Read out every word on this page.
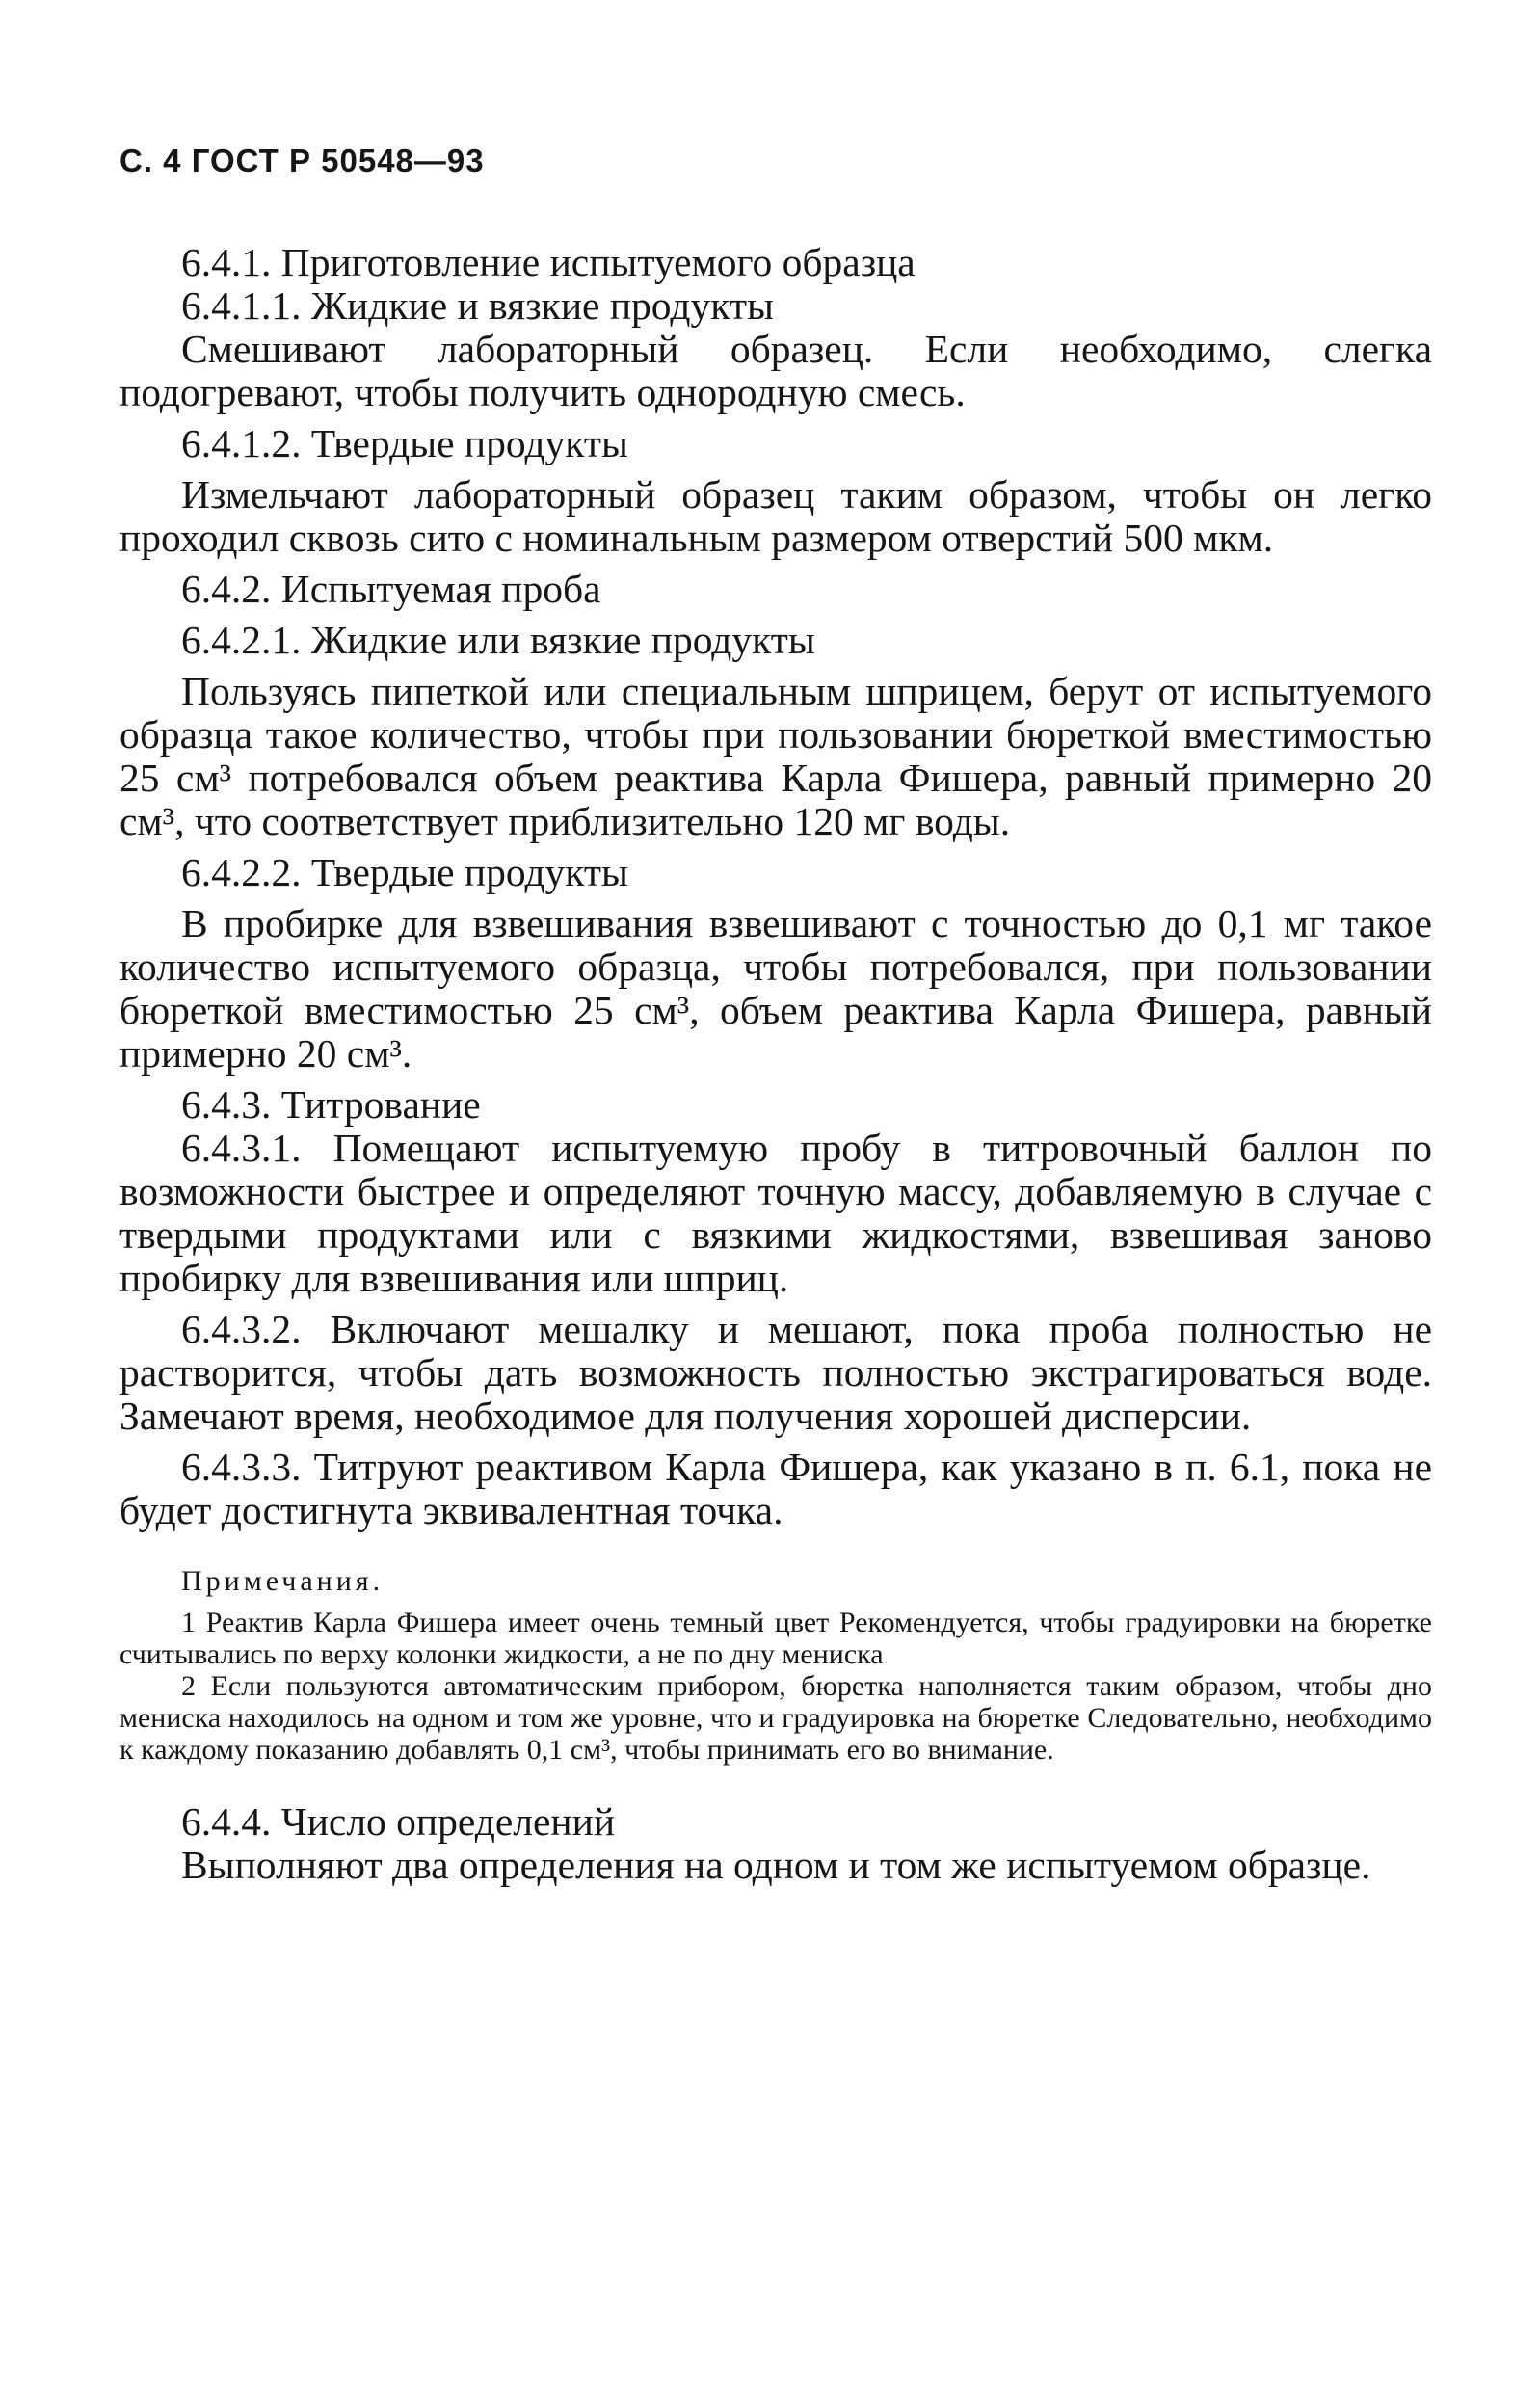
С. 4 ГОСТ Р 50548—93

6.4.1. Приготовление испытуемого образца

6.4.1.1. Жидкие и вязкие продукты

Смешивают лабораторный образец. Если необходимо, слегка подогревают, чтобы получить однородную смесь.

6.4.1.2. Твердые продукты

Измельчают лабораторный образец таким образом, чтобы он легко проходил сквозь сито с номинальным размером отверстий 500 мкм.

6.4.2. Испытуемая проба

6.4.2.1. Жидкие или вязкие продукты

Пользуясь пипеткой или специальным шприцем, берут от испытуемого образца такое количество, чтобы при пользовании бюреткой вместимостью 25 см³ потребовался объем реактива Карла Фишера, равный примерно 20 см³, что соответствует приблизительно 120 мг воды.

6.4.2.2. Твердые продукты

В пробирке для взвешивания взвешивают с точностью до 0,1 мг такое количество испытуемого образца, чтобы потребовался, при пользовании бюреткой вместимостью 25 см³, объем реактива Карла Фишера, равный примерно 20 см³.

6.4.3. Титрование

6.4.3.1. Помещают испытуемую пробу в титровочный баллон по возможности быстрее и определяют точную массу, добавляемую в случае с твердыми продуктами или с вязкими жидкостями, взвешивая заново пробирку для взвешивания или шприц.

6.4.3.2. Включают мешалку и мешают, пока проба полностью не растворится, чтобы дать возможность полностью экстрагироваться воде. Замечают время, необходимое для получения хорошей дисперсии.

6.4.3.3. Титруют реактивом Карла Фишера, как указано в п. 6.1, пока не будет достигнута эквивалентная точка.

Примечания.

1 Реактив Карла Фишера имеет очень темный цвет Рекомендуется, чтобы градуировки на бюретке считывались по верху колонки жидкости, а не по дну мениска

2 Если пользуются автоматическим прибором, бюретка наполняется таким образом, чтобы дно мениска находилось на одном и том же уровне, что и градуировка на бюретке Следовательно, необходимо к каждому показанию добавлять 0,1 см³, чтобы принимать его во внимание.

6.4.4. Число определений

Выполняют два определения на одном и том же испытуемом образце.
